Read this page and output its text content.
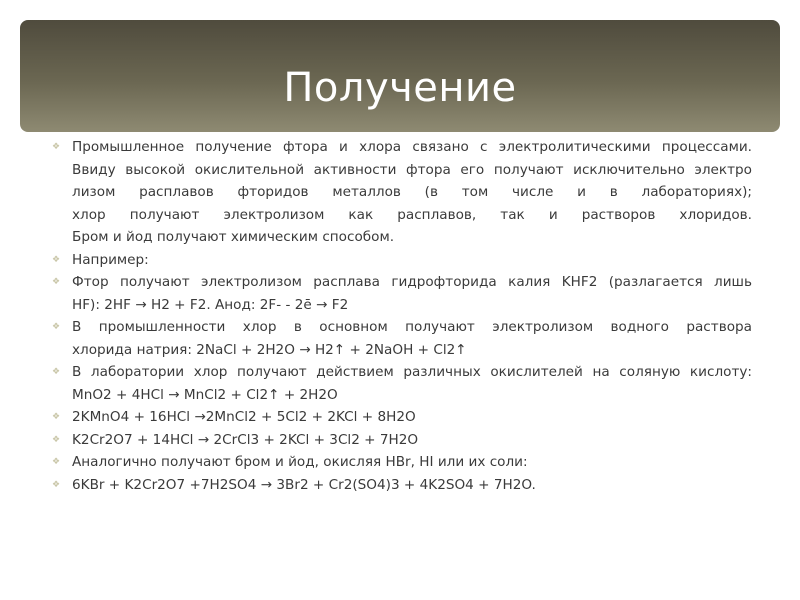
Получение

❖ Промышленное получение фтора и хлора связано с электролитическими процессами.
Ввиду высокой окислительной активности фтора его получают исключительно электро
лизом расплавов фторидов металлов (в том числе и в лабораториях);
хлор получают электролизом как расплавов, так и растворов хлоридов.
Бром и йод получают химическим способом.

❖ Например:

❖ Фтор получают электролизом расплава гидрофторида калия KHF2 (разлагается лишь
HF): 2HF → H2 + F2. Анод: 2F- - 2ē → F2

❖ В промышленности хлор в основном получают электролизом водного раствора
хлорида натрия: 2NaCl + 2H2O → H2↑ + 2NaOH + Cl2↑

❖ В лаборатории хлор получают действием различных окислителей на соляную кислоту:
MnO2 + 4HCl → MnCl2 + Cl2↑ + 2H2O

❖ 2KMnO4 + 16HCl →2MnCl2 + 5Cl2 + 2KCl + 8H2O

❖ K2Cr2O7 + 14HCl → 2CrCl3 + 2KCl + 3Cl2 + 7H2O

❖ Аналогично получают бром и йод, окисляя HBr, HI или их соли:

❖ 6KBr + K2Cr2O7 +7H2SO4 → 3Br2 + Cr2(SO4)3 + 4K2SO4 + 7H2O.
